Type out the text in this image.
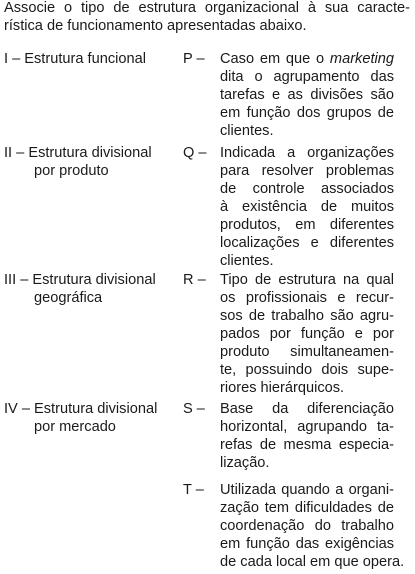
Associe o tipo de estrutura organizacional à sua caracte-
rística de funcionamento apresentadas abaixo.
I – Estrutura funcional
II – Estrutura divisional
por produto
III – Estrutura divisional
geográfica
IV – Estrutura divisional
por mercado
P –	Caso em que o marketing
dita o agrupamento das
tarefas e as divisões são
em função dos grupos de
clientes.
Q – Indicada a organizações
para resolver problemas
de controle associados
à existência de muitos
produtos, em diferentes
localizações e diferentes
clientes.
R – Tipo de estrutura na qual
os profissionais e recur-
sos de trabalho são agru-
pados por função e por
produto simultaneamen-
te, possuindo dois supe-
riores hierárquicos.
S –	Base da diferenciação
horizontal, agrupando ta-
refas de mesma especia-
lização.
T –	Utilizada quando a organi-
zação tem dificuldades de
coordenação do trabalho
em função das exigências
de cada local em que opera.
